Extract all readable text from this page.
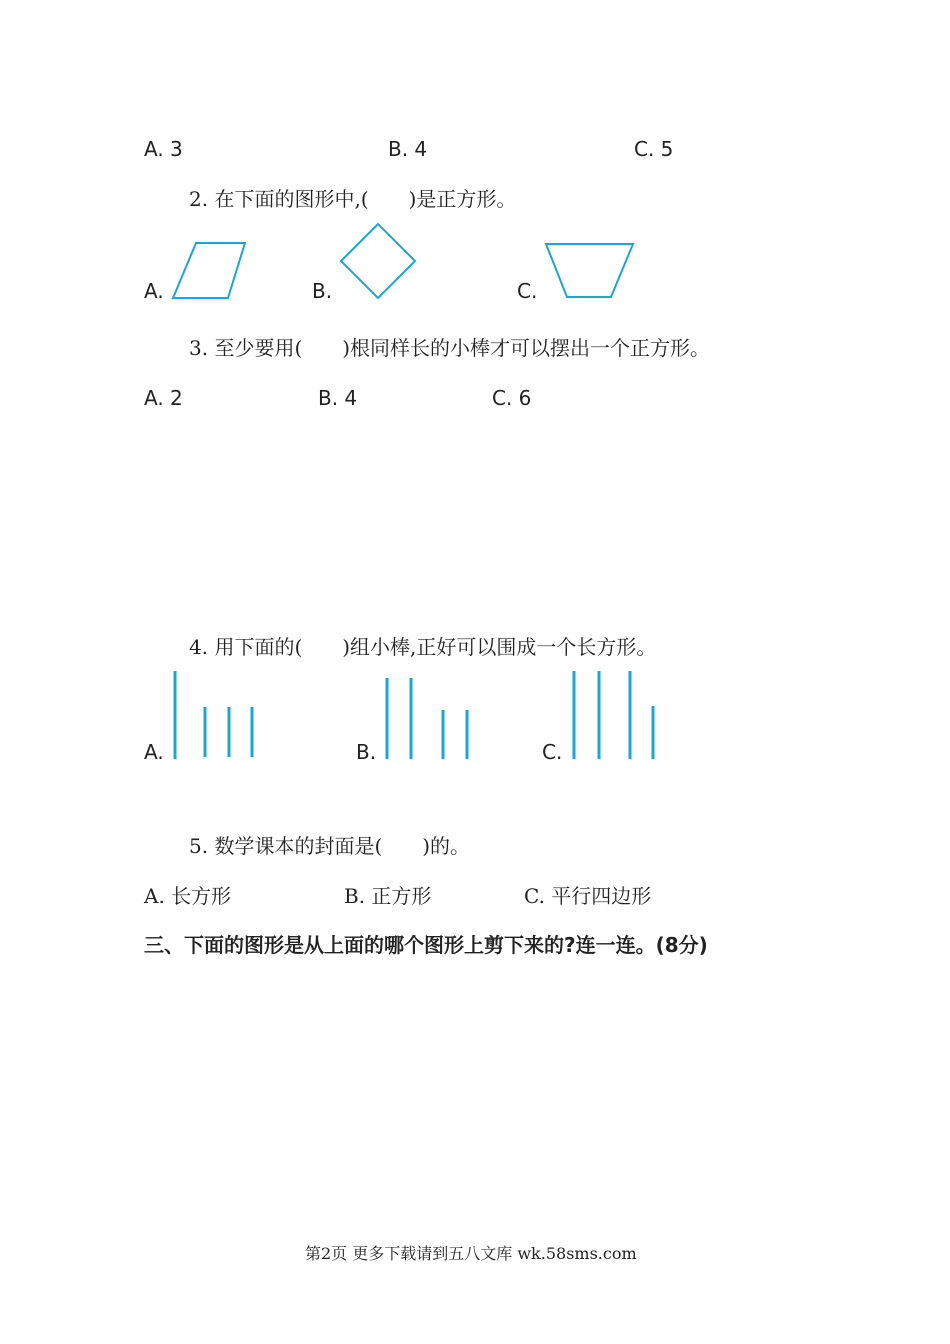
A. 3	B. 4	C. 5
2. 在下面的图形中,(　　)是正方形。
A.	B.	C.
3. 至少要用(　　)根同样长的小棒才可以摆出一个正方形。
A. 2	B. 4	C. 6
4. 用下面的(　　)组小棒,正好可以围成一个长方形。
A.	B.	C.
5. 数学课本的封面是(　　)的。
A. 长方形	B. 正方形	C. 平行四边形
三、下面的图形是从上面的哪个图形上剪下来的?连一连。(8分)
第2页 更多下载请到五八文库 wk.58sms.com
